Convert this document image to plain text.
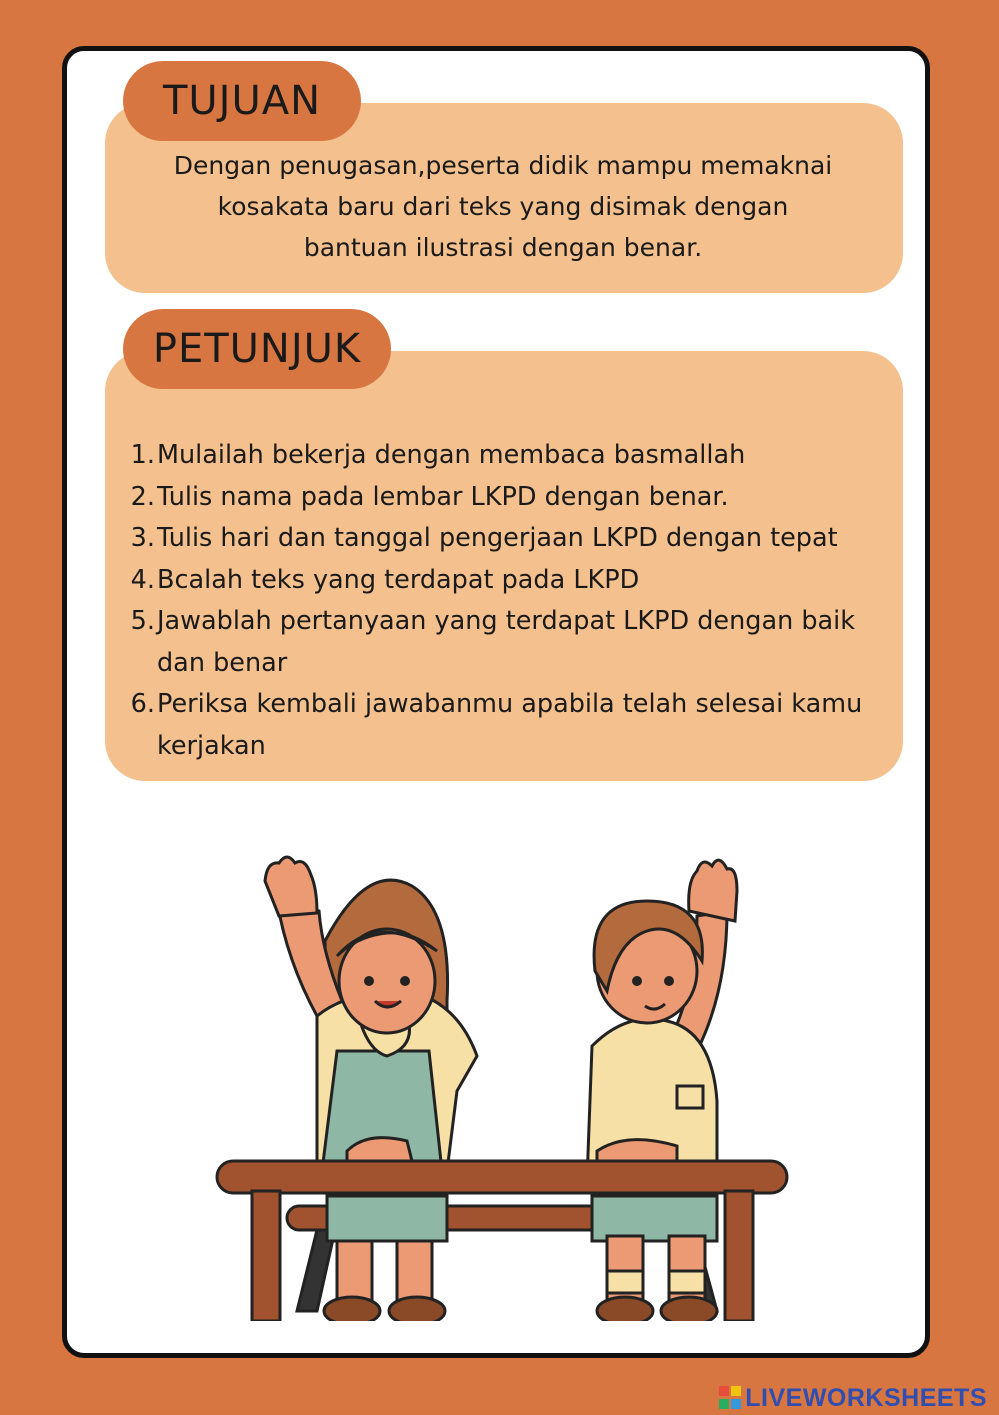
TUJUAN
Dengan penugasan,peserta didik mampu memaknai
kosakata baru dari teks yang disimak dengan
bantuan ilustrasi dengan benar.
PETUNJUK
1. Mulailah bekerja dengan membaca basmallah
2. Tulis nama pada lembar LKPD dengan benar.
3. Tulis hari dan tanggal pengerjaan LKPD dengan tepat
4. Bcalah teks yang terdapat pada LKPD
5. Jawablah pertanyaan yang terdapat LKPD dengan baik dan benar
6. Periksa kembali jawabanmu apabila telah selesai kamu kerjakan
LIVEWORKSHEETS
